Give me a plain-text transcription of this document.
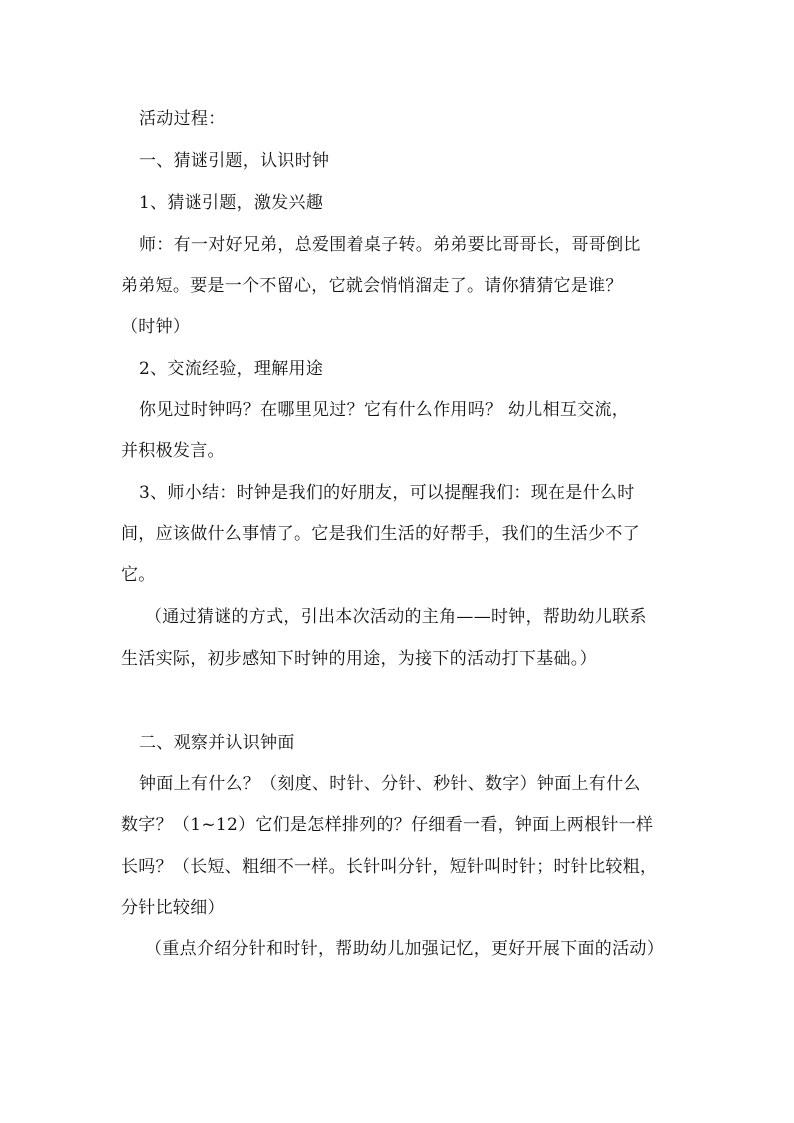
活动过程：
一、猜谜引题，认识时钟
1、猜谜引题，激发兴趣
师：有一对好兄弟，总爱围着桌子转。弟弟要比哥哥长，哥哥倒比
弟弟短。要是一个不留心，它就会悄悄溜走了。请你猜猜它是谁？
（时钟）
2、交流经验，理解用途
你见过时钟吗？在哪里见过？它有什么作用吗？ 幼儿相互交流，
并积极发言。
3、师小结：时钟是我们的好朋友，可以提醒我们：现在是什么时
间，应该做什么事情了。它是我们生活的好帮手，我们的生活少不了
它。
（通过猜谜的方式，引出本次活动的主角——时钟，帮助幼儿联系
生活实际，初步感知下时钟的用途，为接下的活动打下基础。）
二、观察并认识钟面
钟面上有什么？（刻度、时针、分针、秒针、数字）钟面上有什么
数字？（1~12）它们是怎样排列的？仔细看一看，钟面上两根针一样
长吗？（长短、粗细不一样。长针叫分针，短针叫时针；时针比较粗，
分针比较细）
（重点介绍分针和时针，帮助幼儿加强记忆，更好开展下面的活动）
